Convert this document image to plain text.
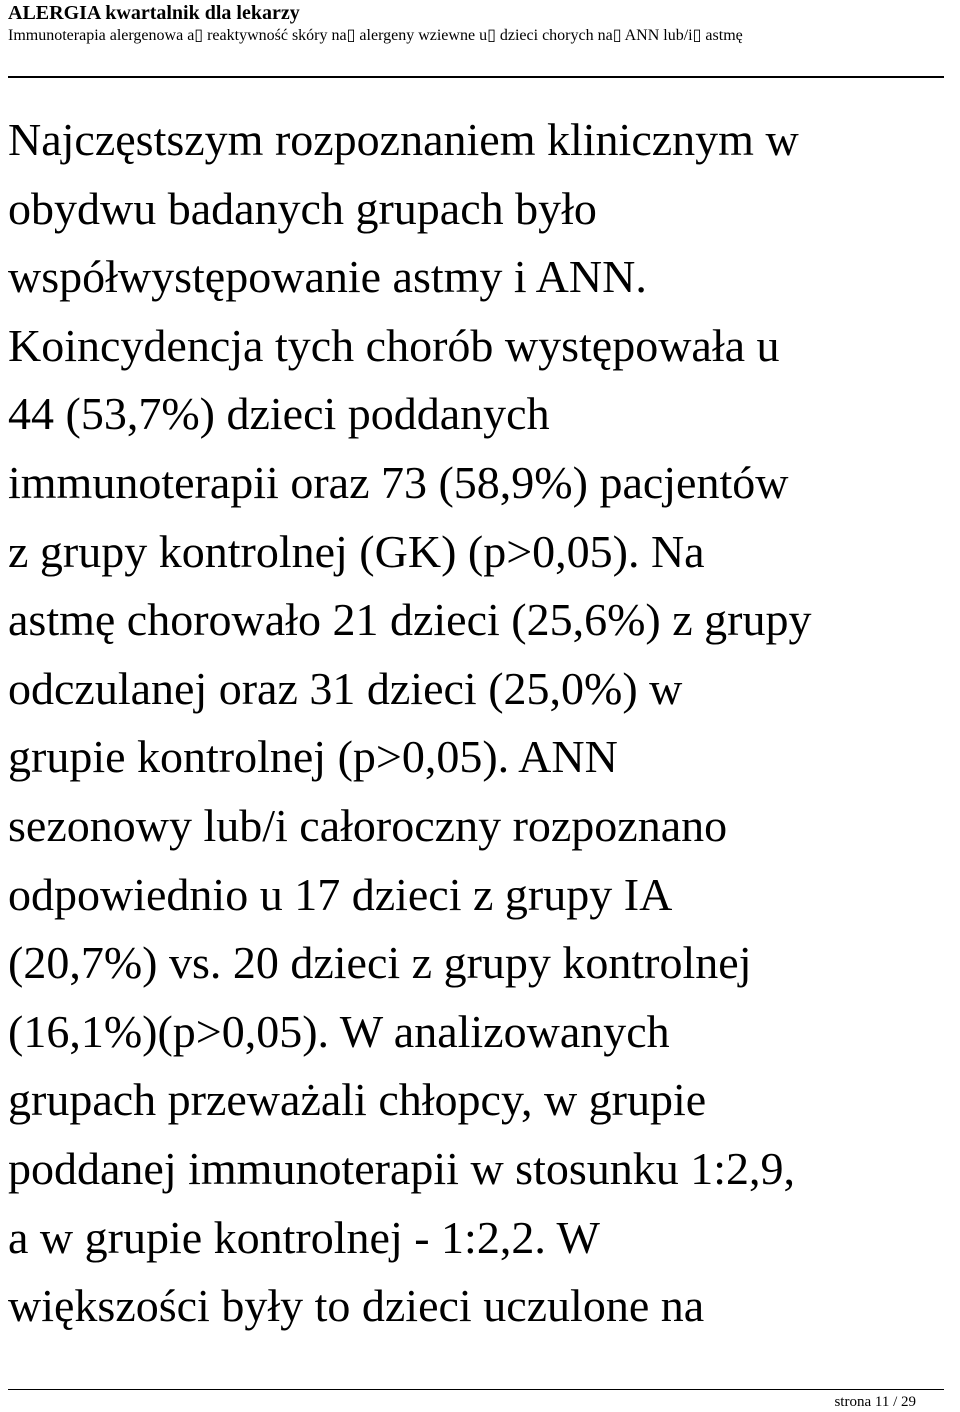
ALERGIA kwartalnik dla lekarzy
Immunoterapia alergenowa a▯ reaktywność skóry na▯ alergeny wziewne u▯ dzieci chorych na▯ ANN lub/i▯ astmę
Najczęstszym rozpoznaniem klinicznym w
obydwu badanych grupach było
współwystępowanie astmy i ANN.
Koincydencja tych chorób występowała u
44 (53,7%) dzieci poddanych
immunoterapii oraz 73 (58,9%) pacjentów
z grupy kontrolnej (GK) (p>0,05). Na
astmę chorowało 21 dzieci (25,6%) z grupy
odczulanej oraz 31 dzieci (25,0%) w
grupie kontrolnej (p>0,05). ANN
sezonowy lub/i całoroczny rozpoznano
odpowiednio u 17 dzieci z grupy IA
(20,7%) vs. 20 dzieci z grupy kontrolnej
(16,1%)(p>0,05). W analizowanych
grupach przeważali chłopcy, w grupie
poddanej immunoterapii w stosunku 1:2,9,
a w grupie kontrolnej - 1:2,2. W
większości były to dzieci uczulone na
strona 11 / 29
